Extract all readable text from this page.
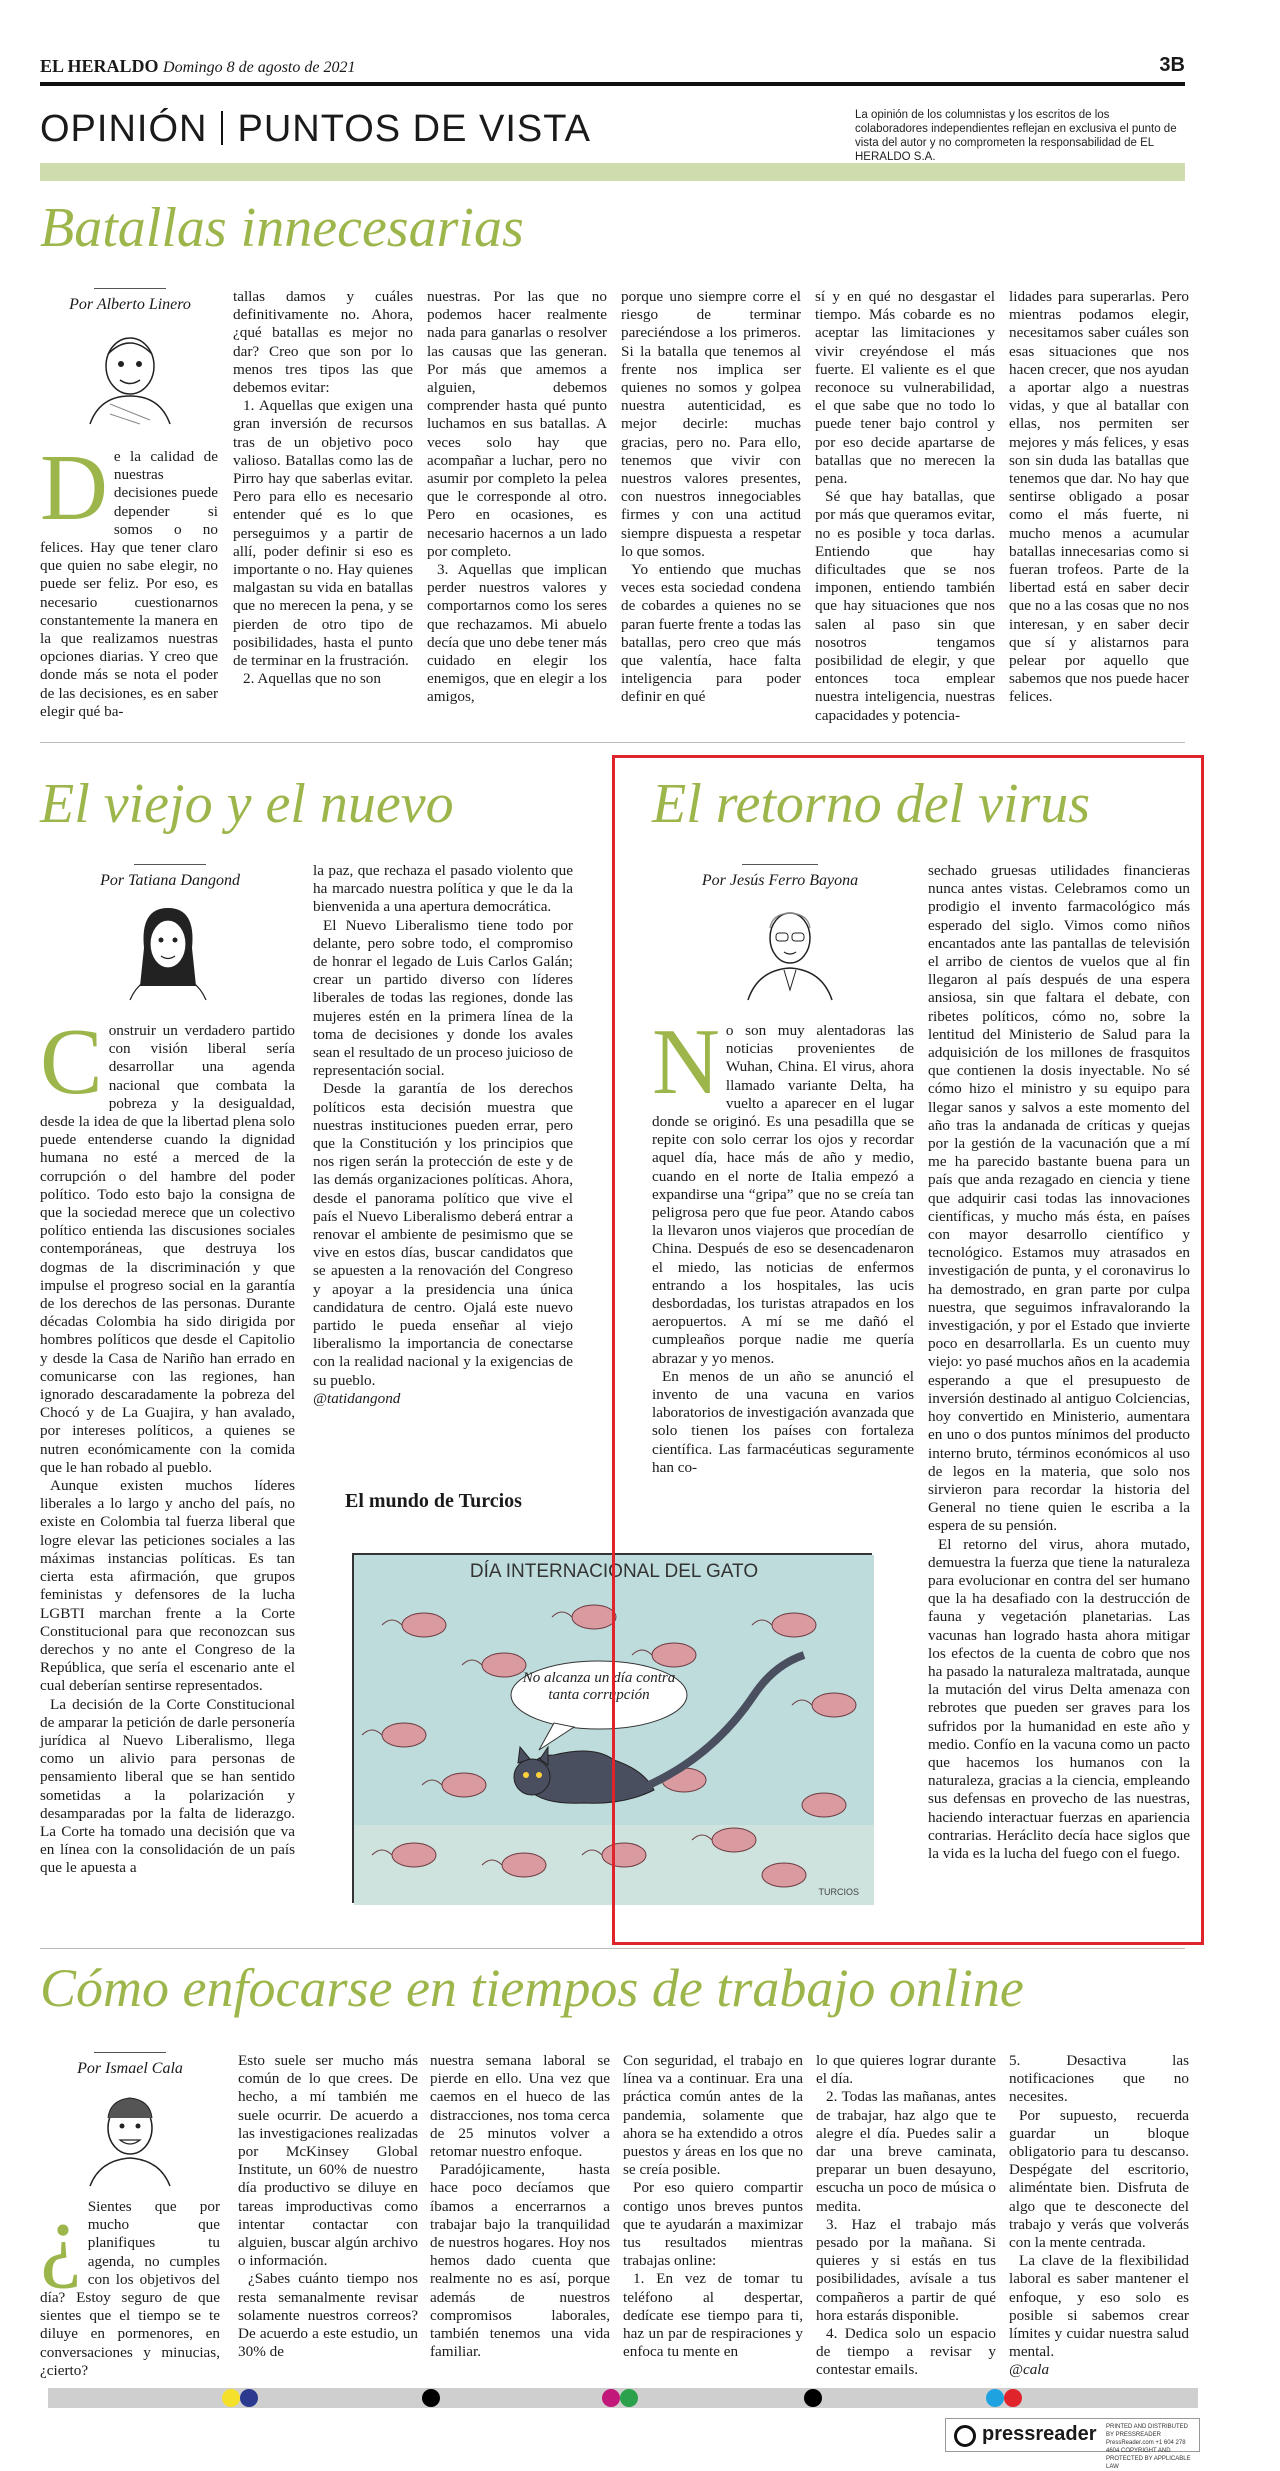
EL HERALDO Domingo 8 de agosto de 2021	3B
OPINIÓN PUNTOS DE VISTA	La opinión de los columnistas y los escritos de los colaboradores independientes reflejan en exclusiva el punto de vista del autor y no comprometen la responsabilidad de EL HERALDO S.A.
Batallas innecesarias
Por Alberto Linero
D e la calidad de nuestras decisiones puede depender si somos o no felices. Hay que tener claro que quien no sabe elegir, no puede ser feliz. Por eso, es necesario cuestionarnos constantemente la manera en la que realizamos nuestras opciones diarias. Y creo que donde más se nota el poder de las decisiones, es en saber elegir qué ba-

tallas damos y cuáles definitivamente no. Ahora, ¿qué batallas es mejor no dar? Creo que son por lo menos tres tipos las que debemos evitar:

1. Aquellas que exigen una gran inversión de recursos tras de un objetivo poco valioso. Batallas como las de Pirro hay que saberlas evitar. Pero para ello es necesario entender qué es lo que perseguimos y a partir de allí, poder definir si eso es importante o no. Hay quienes malgastan su vida en batallas que no merecen la pena, y se pierden de otro tipo de posibilidades, hasta el punto de terminar en la frustración.

2. Aquellas que no son

nuestras. Por las que no podemos hacer realmente nada para ganarlas o resolver las causas que las generan. Por más que amemos a alguien, debemos comprender hasta qué punto luchamos en sus batallas. A veces solo hay que acompañar a luchar, pero no asumir por completo la pelea que le corresponde al otro. Pero en ocasiones, es necesario hacernos a un lado por completo.

3. Aquellas que implican perder nuestros valores y comportarnos como los seres que rechazamos. Mi abuelo decía que uno debe tener más cuidado en elegir los enemigos, que en elegir a los amigos,

porque uno siempre corre el riesgo de terminar pareciéndose a los primeros. Si la batalla que tenemos al frente nos implica ser quienes no somos y golpea nuestra autenticidad, es mejor decirle: muchas gracias, pero no. Para ello, tenemos que vivir con nuestros valores presentes, con nuestros innegociables firmes y con una actitud siempre dispuesta a respetar lo que somos.

Yo entiendo que muchas veces esta sociedad condena de cobardes a quienes no se paran fuerte frente a todas las batallas, pero creo que más que valentía, hace falta inteligencia para poder definir en qué

sí y en qué no desgastar el tiempo. Más cobarde es no aceptar las limitaciones y vivir creyéndose el más fuerte. El valiente es el que reconoce su vulnerabilidad, el que sabe que no todo lo puede tener bajo control y por eso decide apartarse de batallas que no merecen la pena.

Sé que hay batallas, que por más que queramos evitar, no es posible y toca darlas. Entiendo que hay dificultades que se nos imponen, entiendo también que hay situaciones que nos salen al paso sin que nosotros tengamos posibilidad de elegir, y que entonces toca emplear nuestra inteligencia, nuestras capacidades y potencia-

lidades para superarlas. Pero mientras podamos elegir, necesitamos saber cuáles son esas situaciones que nos hacen crecer, que nos ayudan a aportar algo a nuestras vidas, y que al batallar con ellas, nos permiten ser mejores y más felices, y esas son sin duda las batallas que tenemos que dar. No hay que sentirse obligado a posar como el más fuerte, ni mucho menos a acumular batallas innecesarias como si fueran trofeos. Parte de la libertad está en saber decir que no a las cosas que no nos interesan, y en saber decir que sí y alistarnos para pelear por aquello que sabemos que nos puede hacer felices.

El viejo y el nuevo
Por Tatiana Dangond
C onstruir un verdadero partido con visión liberal sería desarrollar una agenda nacional que combata la pobreza y la desigualdad, desde la idea de que la libertad plena solo puede entenderse cuando la dignidad humana no esté a merced de la corrupción o del hambre del poder político. Todo esto bajo la consigna de que la sociedad merece que un colectivo político entienda las discusiones sociales contemporáneas, que destruya los dogmas de la discriminación y que impulse el progreso social en la garantía de los derechos de las personas. Durante décadas Colombia ha sido dirigida por hombres políticos que desde el Capitolio y desde la Casa de Nariño han errado en comunicarse con las regiones, han ignorado descaradamente la pobreza del Chocó y de La Guajira, y han avalado, por intereses políticos, a quienes se nutren económicamente con la comida que le han robado al pueblo.

Aunque existen muchos líderes liberales a lo largo y ancho del país, no existe en Colombia tal fuerza liberal que logre elevar las peticiones sociales a las máximas instancias políticas. Es tan cierta esta afirmación, que grupos feministas y defensores de la lucha LGBTI marchan frente a la Corte Constitucional para que reconozcan sus derechos y no ante el Congreso de la República, que sería el escenario ante el cual deberían sentirse representados.

La decisión de la Corte Constitucional de amparar la petición de darle personería jurídica al Nuevo Liberalismo, llega como un alivio para personas de pensamiento liberal que se han sentido sometidas a la polarización y desamparadas por la falta de liderazgo. La Corte ha tomado una decisión que va en línea con la consolidación de un país que le apuesta a

la paz, que rechaza el pasado violento que ha marcado nuestra política y que le da la bienvenida a una apertura democrática.

El Nuevo Liberalismo tiene todo por delante, pero sobre todo, el compromiso de honrar el legado de Luis Carlos Galán; crear un partido diverso con líderes liberales de todas las regiones, donde las mujeres estén en la primera línea de la toma de decisiones y donde los avales sean el resultado de un proceso juicioso de representación social.

Desde la garantía de los derechos políticos esta decisión muestra que nuestras instituciones pueden errar, pero que la Constitución y los principios que nos rigen serán la protección de este y de las demás organizaciones políticas. Ahora, desde el panorama político que vive el país el Nuevo Liberalismo deberá entrar a renovar el ambiente de pesimismo que se vive en estos días, buscar candidatos que se apuesten a la renovación del Congreso y apoyar a la presidencia una única candidatura de centro. Ojalá este nuevo partido le pueda enseñar al viejo liberalismo la importancia de conectarse con la realidad nacional y la exigencias de su pueblo.

@tatidangond

El mundo de Turcios
DÍA INTERNACIONAL DEL GATO
No alcanza un día contra tanta corrupción
TURCIOS
El retorno del virus
Por Jesús Ferro Bayona
N o son muy alentadoras las noticias provenientes de Wuhan, China. El virus, ahora llamado variante Delta, ha vuelto a aparecer en el lugar donde se originó. Es una pesadilla que se repite con solo cerrar los ojos y recordar aquel día, hace más de año y medio, cuando en el norte de Italia empezó a expandirse una “gripa” que no se creía tan peligrosa pero que fue peor. Atando cabos la llevaron unos viajeros que procedían de China. Después de eso se desencadenaron el miedo, las noticias de enfermos entrando a los hospitales, las ucis desbordadas, los turistas atrapados en los aeropuertos. A mí se me dañó el cumpleaños porque nadie me quería abrazar y yo menos.

En menos de un año se anunció el invento de una vacuna en varios laboratorios de investigación avanzada que solo tienen los países con fortaleza científica. Las farmacéuticas seguramente han co-

sechado gruesas utilidades financieras nunca antes vistas. Celebramos como un prodigio el invento farmacológico más esperado del siglo. Vimos como niños encantados ante las pantallas de televisión el arribo de cientos de vuelos que al fin llegaron al país después de una espera ansiosa, sin que faltara el debate, con ribetes políticos, cómo no, sobre la lentitud del Ministerio de Salud para la adquisición de los millones de frasquitos que contienen la dosis inyectable. No sé cómo hizo el ministro y su equipo para llegar sanos y salvos a este momento del año tras la andanada de críticas y quejas por la gestión de la vacunación que a mí me ha parecido bastante buena para un país que anda rezagado en ciencia y tiene que adquirir casi todas las innovaciones científicas, y mucho más ésta, en países con mayor desarrollo científico y tecnológico. Estamos muy atrasados en investigación de punta, y el coronavirus lo ha demostrado, en gran parte por culpa nuestra, que seguimos infravalorando la investigación, y por el Estado que invierte poco en desarrollarla. Es un cuento muy viejo: yo pasé muchos años en la academia esperando a que el presupuesto de inversión destinado al antiguo Colciencias, hoy convertido en Ministerio, aumentara en uno o dos puntos mínimos del producto interno bruto, términos económicos al uso de legos en la materia, que solo nos sirvieron para recordar la historia del General no tiene quien le escriba a la espera de su pensión.

El retorno del virus, ahora mutado, demuestra la fuerza que tiene la naturaleza para evolucionar en contra del ser humano que la ha desafiado con la destrucción de fauna y vegetación planetarias. Las vacunas han logrado hasta ahora mitigar los efectos de la cuenta de cobro que nos ha pasado la naturaleza maltratada, aunque la mutación del virus Delta amenaza con rebrotes que pueden ser graves para los sufridos por la humanidad en este año y medio. Confío en la vacuna como un pacto que hacemos los humanos con la naturaleza, gracias a la ciencia, empleando sus defensas en provecho de las nuestras, haciendo interactuar fuerzas en apariencia contrarias. Heráclito decía hace siglos que la vida es la lucha del fuego con el fuego.

Cómo enfocarse en tiempos de trabajo online
Por Ismael Cala
¿ Sientes que por mucho que planifiques tu agenda, no cumples con los objetivos del día? Estoy seguro de que sientes que el tiempo se te diluye en pormenores, en conversaciones y minucias, ¿cierto?

Esto suele ser mucho más común de lo que crees. De hecho, a mí también me suele ocurrir. De acuerdo a las investigaciones realizadas por McKinsey Global Institute, un 60% de nuestro día productivo se diluye en tareas improductivas como intentar contactar con alguien, buscar algún archivo o información.

¿Sabes cuánto tiempo nos resta semanalmente revisar solamente nuestros correos? De acuerdo a este estudio, un 30% de

nuestra semana laboral se pierde en ello. Una vez que caemos en el hueco de las distracciones, nos toma cerca de 25 minutos volver a retomar nuestro enfoque.

Paradójicamente, hasta hace poco decíamos que íbamos a encerrarnos a trabajar bajo la tranquilidad de nuestros hogares. Hoy nos hemos dado cuenta que realmente no es así, porque además de nuestros compromisos laborales, también tenemos una vida familiar.

Con seguridad, el trabajo en línea va a continuar. Era una práctica común antes de la pandemia, solamente que ahora se ha extendido a otros puestos y áreas en los que no se creía posible.

Por eso quiero compartir contigo unos breves puntos que te ayudarán a maximizar tus resultados mientras trabajas online:

1. En vez de tomar tu teléfono al despertar, dedícate ese tiempo para ti, haz un par de respiraciones y enfoca tu mente en

lo que quieres lograr durante el día.

2. Todas las mañanas, antes de trabajar, haz algo que te alegre el día. Puedes salir a dar una breve caminata, preparar un buen desayuno, escucha un poco de música o medita.

3. Haz el trabajo más pesado por la mañana. Si quieres y si estás en tus posibilidades, avísale a tus compañeros a partir de qué hora estarás disponible.

4. Dedica solo un espacio de tiempo a revisar y contestar emails.

5. Desactiva las notificaciones que no necesites.

Por supuesto, recuerda guardar un bloque obligatorio para tu descanso. Despégate del escritorio, aliméntate bien. Disfruta de algo que te desconecte del trabajo y verás que volverás con la mente centrada.

La clave de la flexibilidad laboral es saber mantener el enfoque, y eso solo es posible si sabemos crear límites y cuidar nuestra salud mental.

@cala

pressreader PRINTED AND DISTRIBUTED BY PRESSREADER PressReader.com +1 604 278 4604 COPYRIGHT AND PROTECTED BY APPLICABLE LAW
